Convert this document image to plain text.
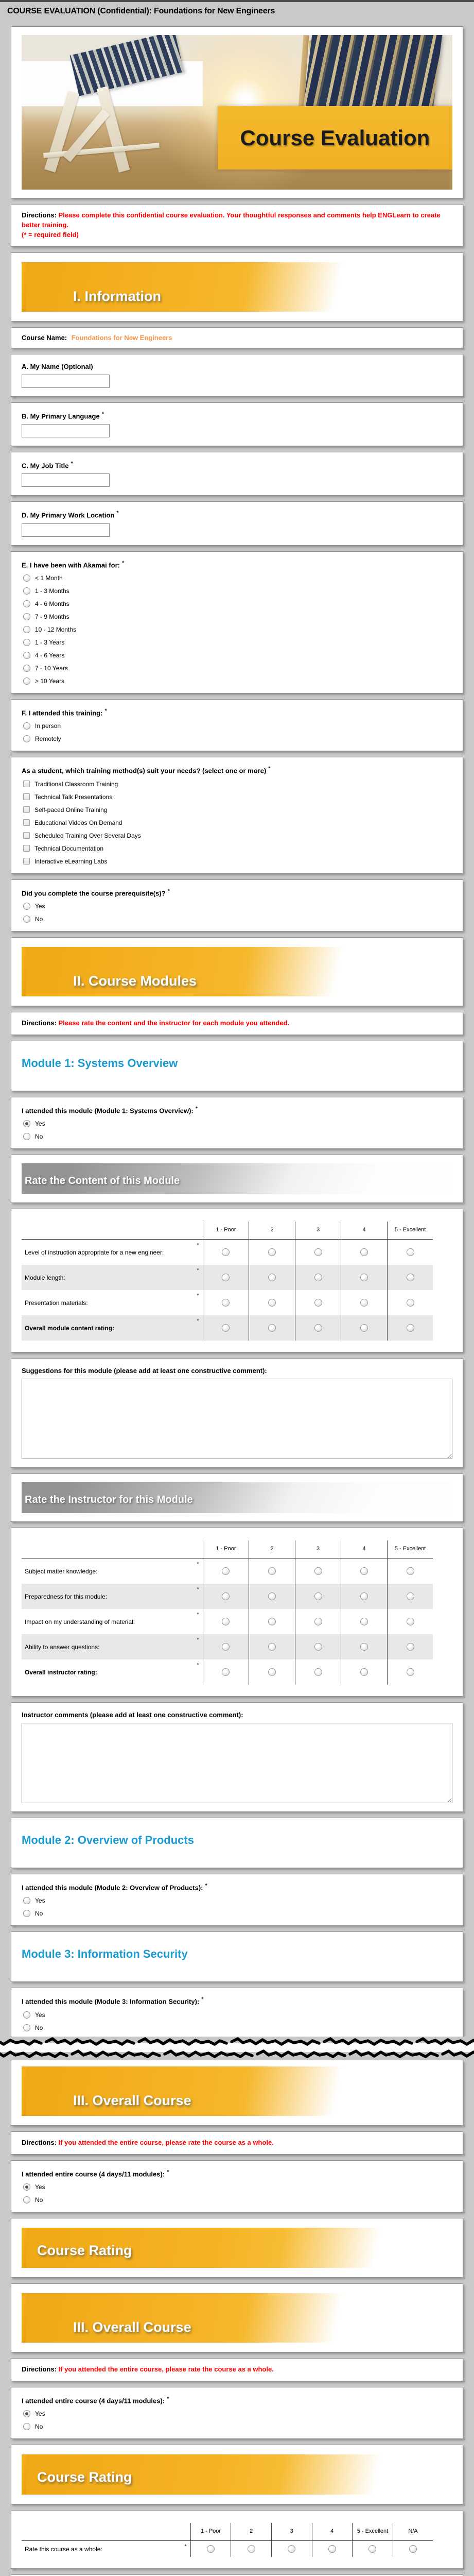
COURSE EVALUATION (Confidential): Foundations for New Engineers
Course Evaluation
Directions: Please complete this confidential course evaluation. Your thoughtful responses and comments help ENGLearn to create better training.
(* = required field)
I. Information
Course Name: Foundations for New Engineers
A. My Name (Optional)
B. My Primary Language *
C. My Job Title *
D. My Primary Work Location *
E. I have been with Akamai for: *
< 1 Month
1 - 3 Months
4 - 6 Months
7 - 9 Months
10 - 12 Months
1 - 3 Years
4 - 6 Years
7 - 10 Years
> 10 Years
F. I attended this training: *
In person
Remotely
As a student, which training method(s) suit your needs? (select one or more) *
Traditional Classroom Training
Technical Talk Presentations
Self-paced Online Training
Educational Videos On Demand
Scheduled Training Over Several Days
Technical Documentation
Interactive eLearning Labs
Did you complete the course prerequisite(s)? *
Yes
No
II. Course Modules
Directions: Please rate the content and the instructor for each module you attended.
Module 1: Systems Overview
I attended this module (Module 1: Systems Overview): *
Yes
No
Rate the Content of this Module
1 - Poor	2	3	4	5 - Excellent
Level of instruction appropriate for a new engineer:
*
Module length:
*
Presentation materials:
*
Overall module content rating:
*
Suggestions for this module (please add at least one constructive comment):
Rate the Instructor for this Module
1 - Poor	2	3	4	5 - Excellent
Subject matter knowledge:
*
Preparedness for this module:
*
Impact on my understanding of material:
*
Ability to answer questions:
*
Overall instructor rating:
*
Instructor comments (please add at least one constructive comment):
Module 2: Overview of Products
I attended this module (Module 2: Overview of Products): *
Yes
No
Module 3: Information Security
I attended this module (Module 3: Information Security): *
Yes
No
III. Overall Course
Directions: If you attended the entire course, please rate the course as a whole.
I attended entire course (4 days/11 modules): *
Yes
No
Course Rating
III. Overall Course
Directions: If you attended the entire course, please rate the course as a whole.
I attended entire course (4 days/11 modules): *
Yes
No
Course Rating
1 - Poor	2	3	4	5 - Excellent	N/A
Rate this course as a whole:	*
